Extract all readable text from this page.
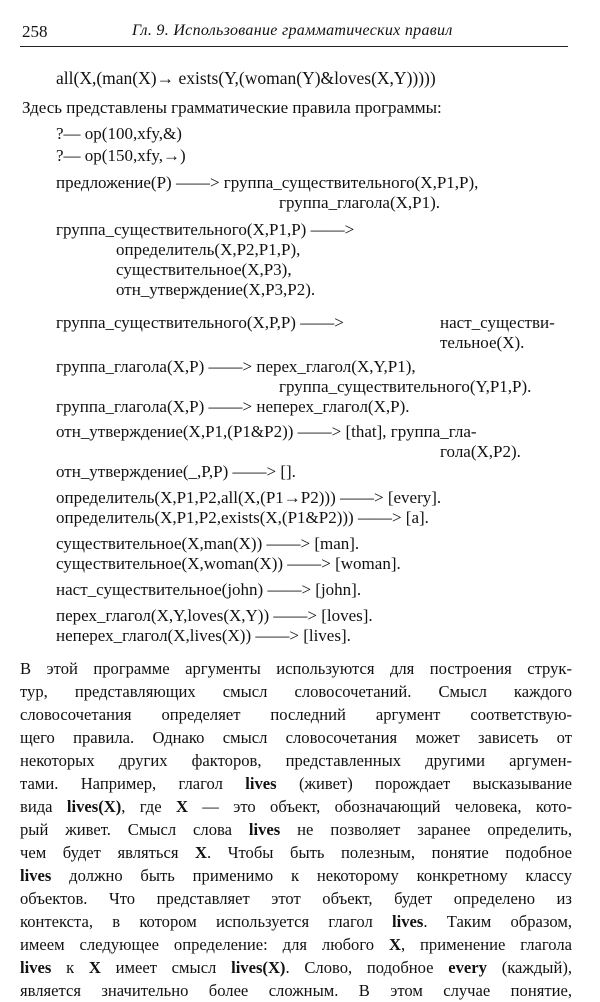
258	Гл. 9. Использование грамматических правил
all(X,(man(X)→ exists(Y,(woman(Y)&loves(X,Y)))))
Здесь представлены грамматические правила программы:
?— op(100,xfy,&)
?— op(150,xfy,→)
предложение(P) ——> группа_существительного(X,P1,P),
группа_глагола(X,P1).
группа_существительного(X,P1,P) ——>
определитель(X,P2,P1,P),
существительное(X,P3),
отн_утверждение(X,P3,P2).
группа_существительного(X,P,P) ——>	наст_существи-
тельное(X).
группа_глагола(X,P) ——> перех_глагол(X,Y,P1),
группа_существительного(Y,P1,P).
группа_глагола(X,P) ——> неперех_глагол(X,P).
отн_утверждение(X,P1,(P1&P2)) ——> [that], группа_гла-
гола(X,P2).
отн_утверждение(_,P,P) ——> [].
определитель(X,P1,P2,all(X,(P1→P2))) ——> [every].
определитель(X,P1,P2,exists(X,(P1&P2))) ——> [a].
существительное(X,man(X)) ——> [man].
существительное(X,woman(X)) ——> [woman].
наст_существительное(john) ——> [john].
перех_глагол(X,Y,loves(X,Y)) ——> [loves].
неперех_глагол(X,lives(X)) ——> [lives].
В этой программе аргументы используются для построения струк-
тур, представляющих смысл словосочетаний. Смысл каждого
словосочетания определяет последний аргумент соответствую-
щего правила. Однако смысл словосочетания может зависеть от
некоторых других факторов, представленных другими аргумен-
тами. Например, глагол lives (живет) порождает высказывание
вида lives(X), где X — это объект, обозначающий человека, кото-
рый живет. Смысл слова lives не позволяет заранее определить,
чем будет являться X. Чтобы быть полезным, понятие подобное
lives должно быть применимо к некоторому конкретному классу
объектов. Что представляет этот объект, будет определено из
контекста, в котором используется глагол lives. Таким образом,
имеем следующее определение: для любого X, применение глагола
lives к X имеет смысл lives(X). Слово, подобное every (каждый),
является значительно более сложным. В этом случае понятие,
